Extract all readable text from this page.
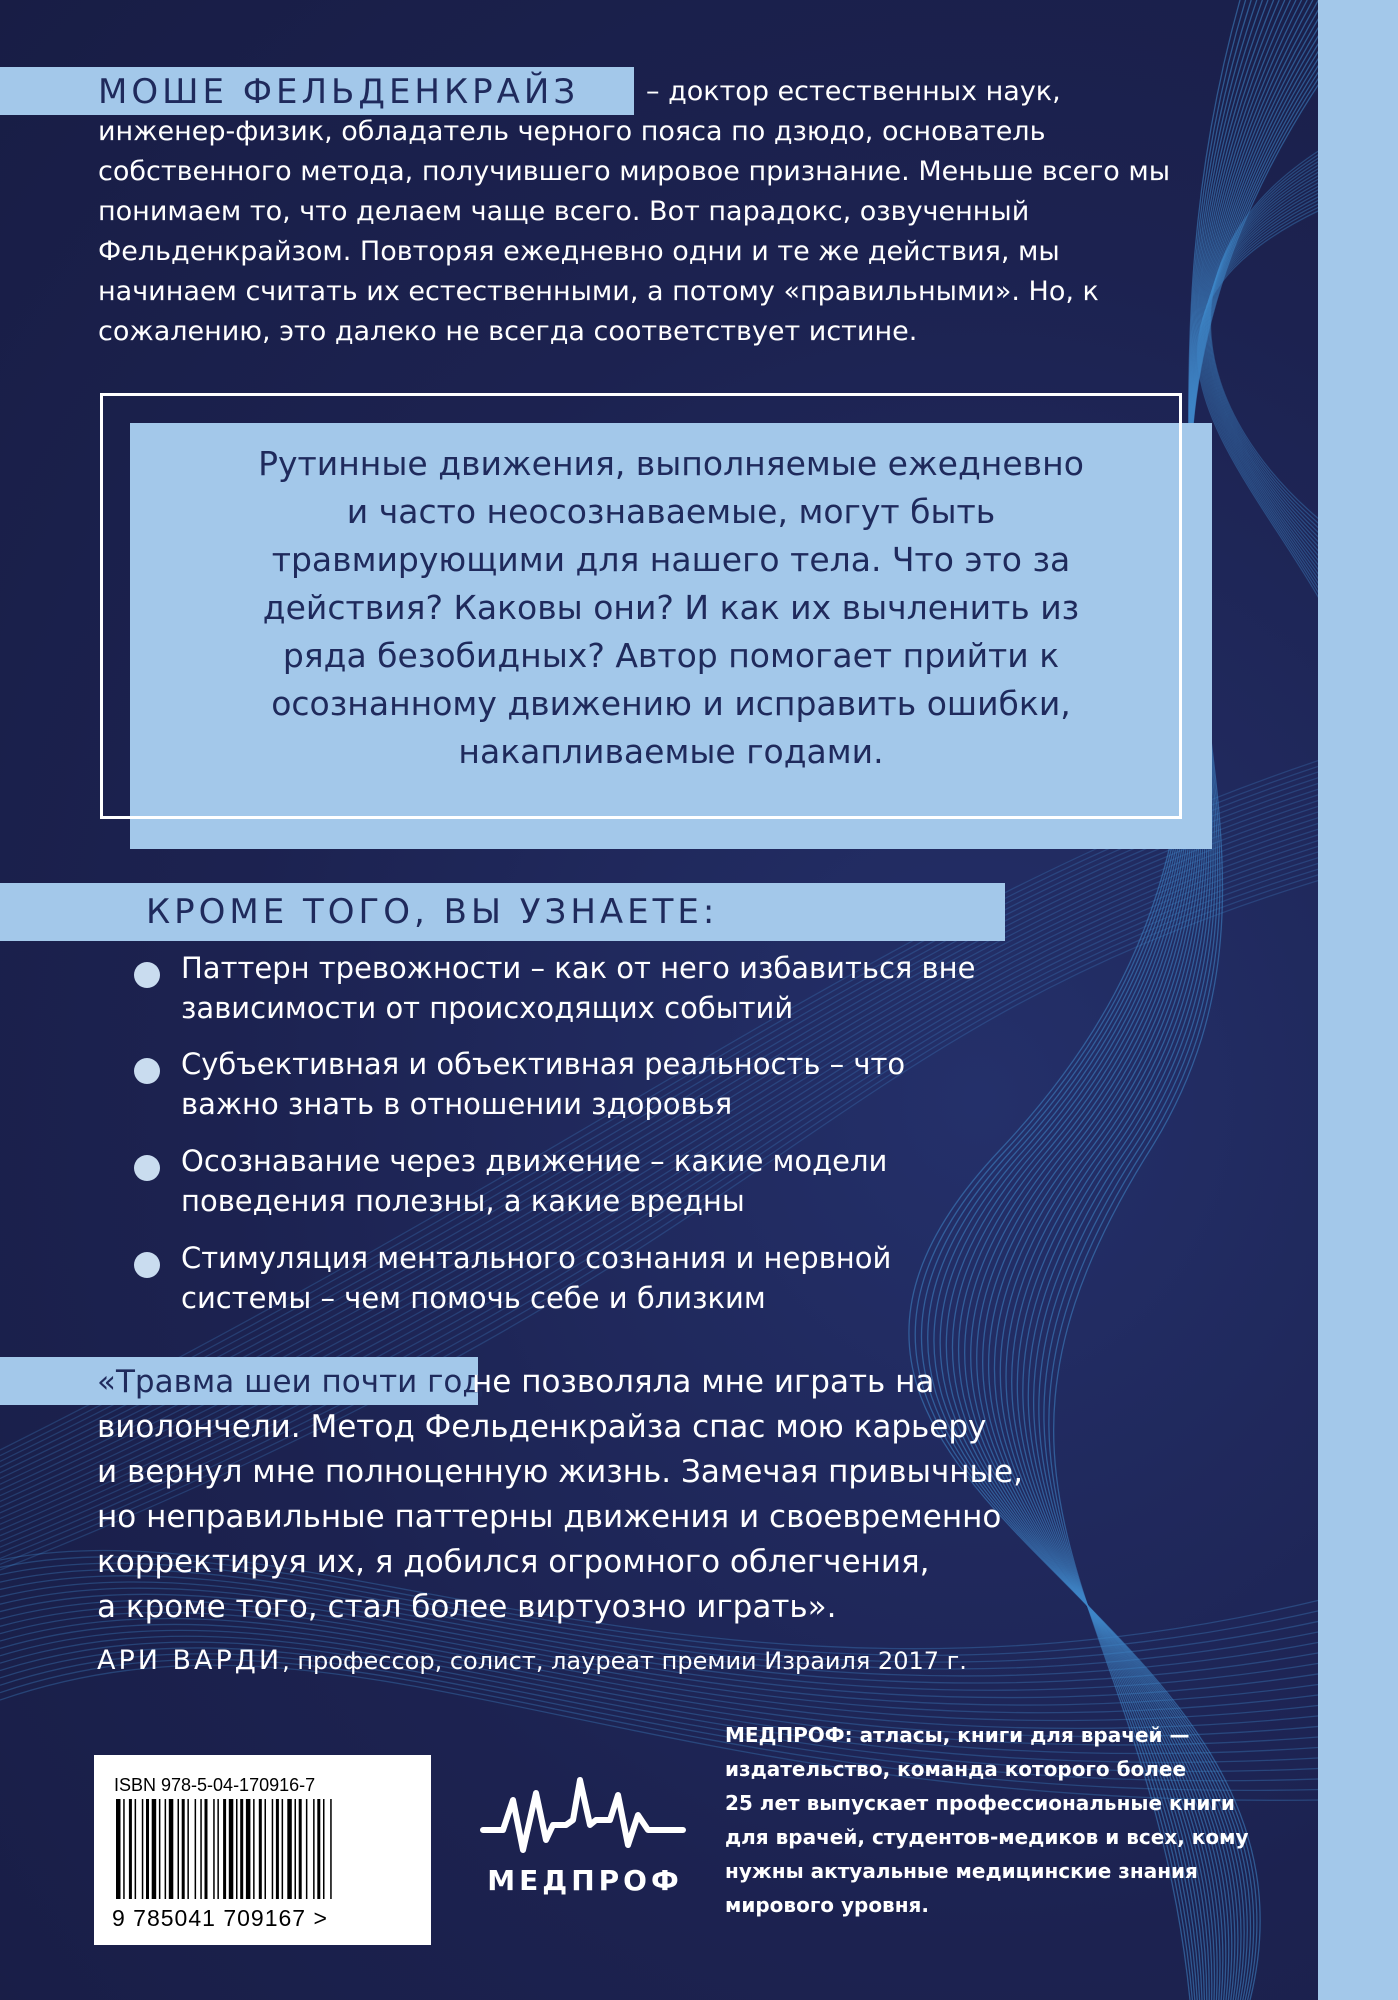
МОШЕ ФЕЛЬДЕНКРАЙЗ – доктор естественных наук,
инженер-физик, обладатель черного пояса по дзюдо, основатель
собственного метода, получившего мировое признание. Меньше всего мы
понимаем то, что делаем чаще всего. Вот парадокс, озвученный
Фельденкрайзом. Повторяя ежедневно одни и те же действия, мы
начинаем считать их естественными, а потому «правильными». Но, к
сожалению, это далеко не всегда соответствует истине.
Рутинные движения, выполняемые ежедневно
и часто неосознаваемые, могут быть
травмирующими для нашего тела. Что это за
действия? Каковы они? И как их вычленить из
ряда безобидных? Автор помогает прийти к
осознанному движению и исправить ошибки,
накапливаемые годами.
КРОМЕ ТОГО, ВЫ УЗНАЕТЕ:
Паттерн тревожности – как от него избавиться вне
зависимости от происходящих событий
Субъективная и объективная реальность – что
важно знать в отношении здоровья
Осознавание через движение – какие модели
поведения полезны, а какие вредны
Стимуляция ментального сознания и нервной
системы – чем помочь себе и близким
«Травма шеи почти год
не позволяла мне играть на
виолончели. Метод Фельденкрайза спас мою карьеру
и вернул мне полноценную жизнь. Замечая привычные,
но неправильные паттерны движения и своевременно
корректируя их, я добился огромного облегчения,
а кроме того, стал более виртуозно играть».
АРИ ВАРДИ, профессор, солист, лауреат премии Израиля 2017 г.
ISBN 978-5-04-170916-7
9 785041 709167 >
МЕДПРОФ
МЕДПРОФ: атласы, книги для врачей —
издательство, команда которого более
25 лет выпускает профессиональные книги
для врачей, студентов-медиков и всех, кому
нужны актуальные медицинские знания
мирового уровня.
